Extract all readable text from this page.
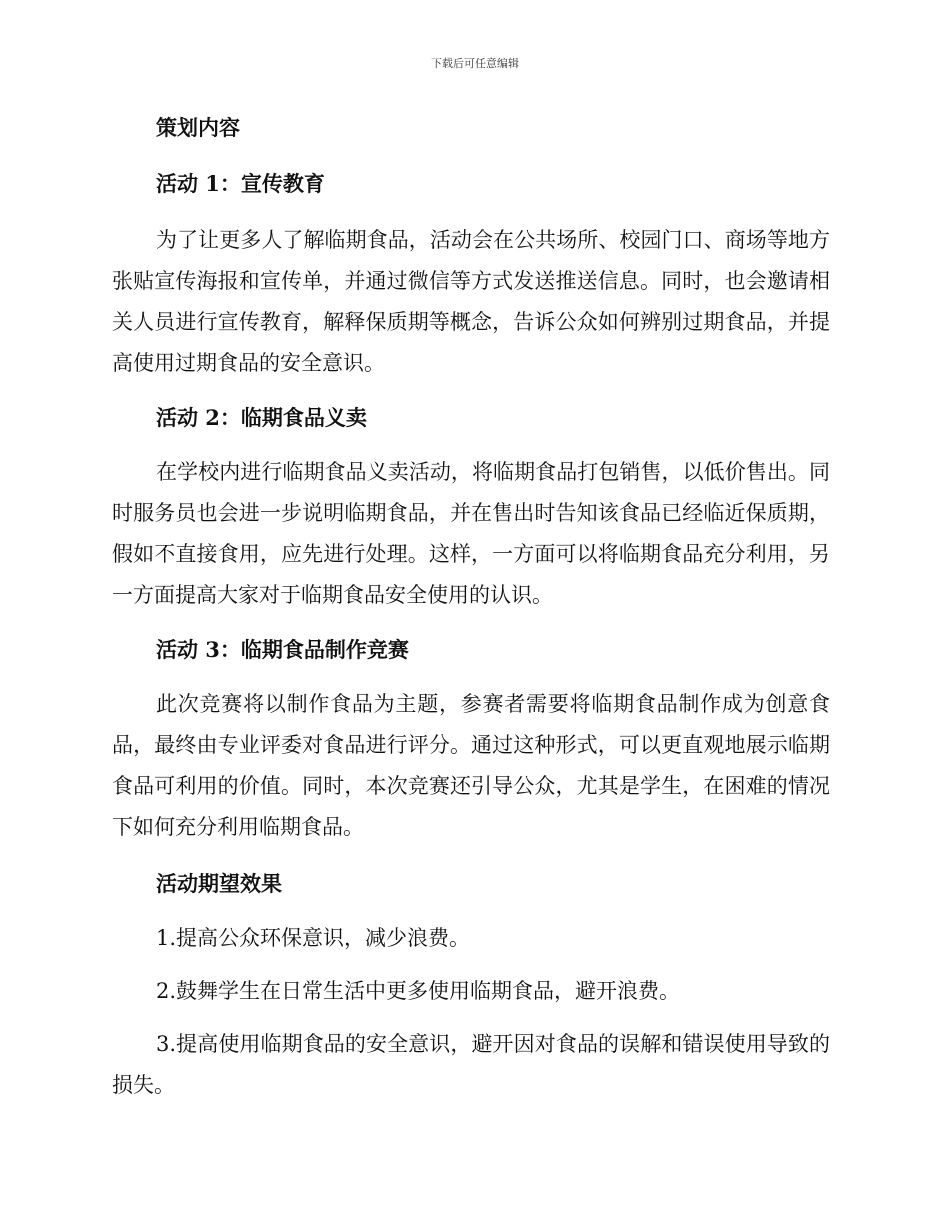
下载后可任意编辑

策划内容

活动 1：宣传教育

为了让更多人了解临期食品，活动会在公共场所、校园门口、商场等地方张贴宣传海报和宣传单，并通过微信等方式发送推送信息。同时，也会邀请相关人员进行宣传教育，解释保质期等概念，告诉公众如何辨别过期食品，并提高使用过期食品的安全意识。

活动 2：临期食品义卖

在学校内进行临期食品义卖活动，将临期食品打包销售，以低价售出。同时服务员也会进一步说明临期食品，并在售出时告知该食品已经临近保质期，假如不直接食用，应先进行处理。这样，一方面可以将临期食品充分利用，另一方面提高大家对于临期食品安全使用的认识。

活动 3：临期食品制作竞赛

此次竞赛将以制作食品为主题，参赛者需要将临期食品制作成为创意食品，最终由专业评委对食品进行评分。通过这种形式，可以更直观地展示临期食品可利用的价值。同时，本次竞赛还引导公众，尤其是学生，在困难的情况下如何充分利用临期食品。

活动期望效果

1.提高公众环保意识，减少浪费。

2.鼓舞学生在日常生活中更多使用临期食品，避开浪费。

3.提高使用临期食品的安全意识，避开因对食品的误解和错误使用导致的损失。
